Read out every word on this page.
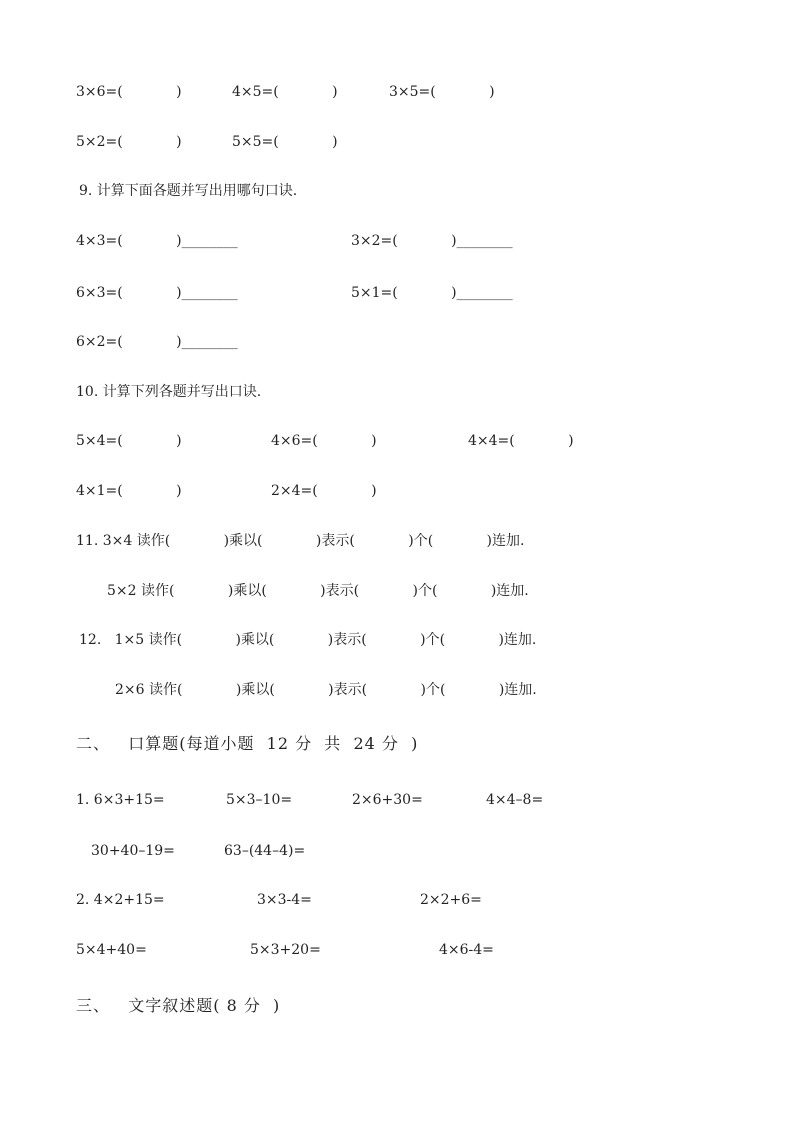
3×6=(            )	4×5=(            )	3×5=(            )
5×2=(            )	5×5=(            )
9. 计算下面各题并写出用哪句口诀.
4×3=(            )________	3×2=(            )________
6×3=(            )________	5×1=(            )________
6×2=(            )________
10. 计算下列各题并写出口诀.
5×4=(            )	4×6=(            )	4×4=(            )
4×1=(            )	2×4=(            )
11. 3×4 读作(            )乘以(            )表示(            )个(            )连加.
5×2 读作(            )乘以(            )表示(            )个(            )连加.
12.   1×5 读作(            )乘以(            )表示(            )个(            )连加.
2×6 读作(            )乘以(            )表示(            )个(            )连加.
二、   口算题(每道小题  12 分  共  24 分  )
1. 6×3+15=	5×3–10=	2×6+30=	4×4–8=
30+40–19=	63–(44–4)=
2. 4×2+15=	3×3-4=	2×2+6=
5×4+40=	5×3+20=	4×6-4=
三、   文字叙述题( 8 分  )
